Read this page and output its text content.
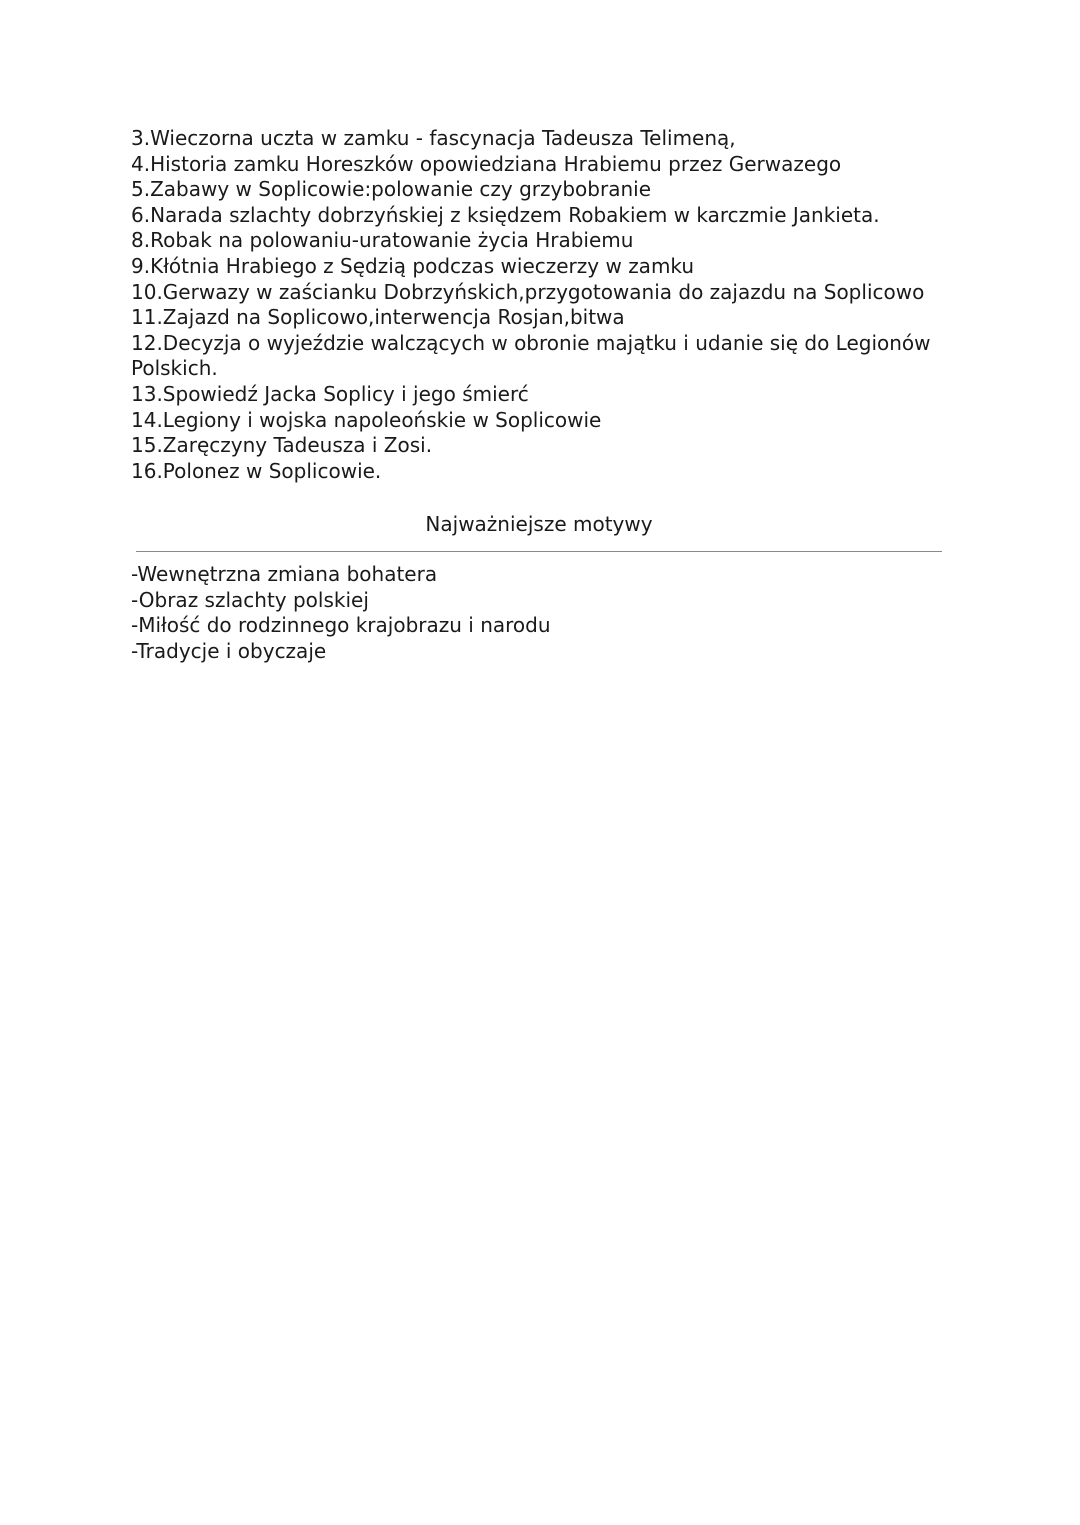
3.Wieczorna uczta w zamku - fascynacja Tadeusza Telimeną,
4.Historia zamku Horeszków opowiedziana Hrabiemu przez Gerwazego
5.Zabawy w Soplicowie:polowanie czy grzybobranie
6.Narada szlachty dobrzyńskiej z księdzem Robakiem w karczmie Jankieta.
8.Robak na polowaniu-uratowanie życia Hrabiemu
9.Kłótnia Hrabiego z Sędzią podczas wieczerzy w zamku
10.Gerwazy w zaścianku Dobrzyńskich,przygotowania do zajazdu na Soplicowo
11.Zajazd na Soplicowo,interwencja Rosjan,bitwa
12.Decyzja o wyjeździe walczących w obronie majątku i udanie się do Legionów Polskich.
13.Spowiedź Jacka Soplicy i jego śmierć
14.Legiony i wojska napoleońskie w Soplicowie
15.Zaręczyny Tadeusza i Zosi.
16.Polonez w Soplicowie.
Najważniejsze motywy
-Wewnętrzna zmiana bohatera
-Obraz szlachty polskiej
-Miłość do rodzinnego krajobrazu i narodu
-Tradycje i obyczaje
